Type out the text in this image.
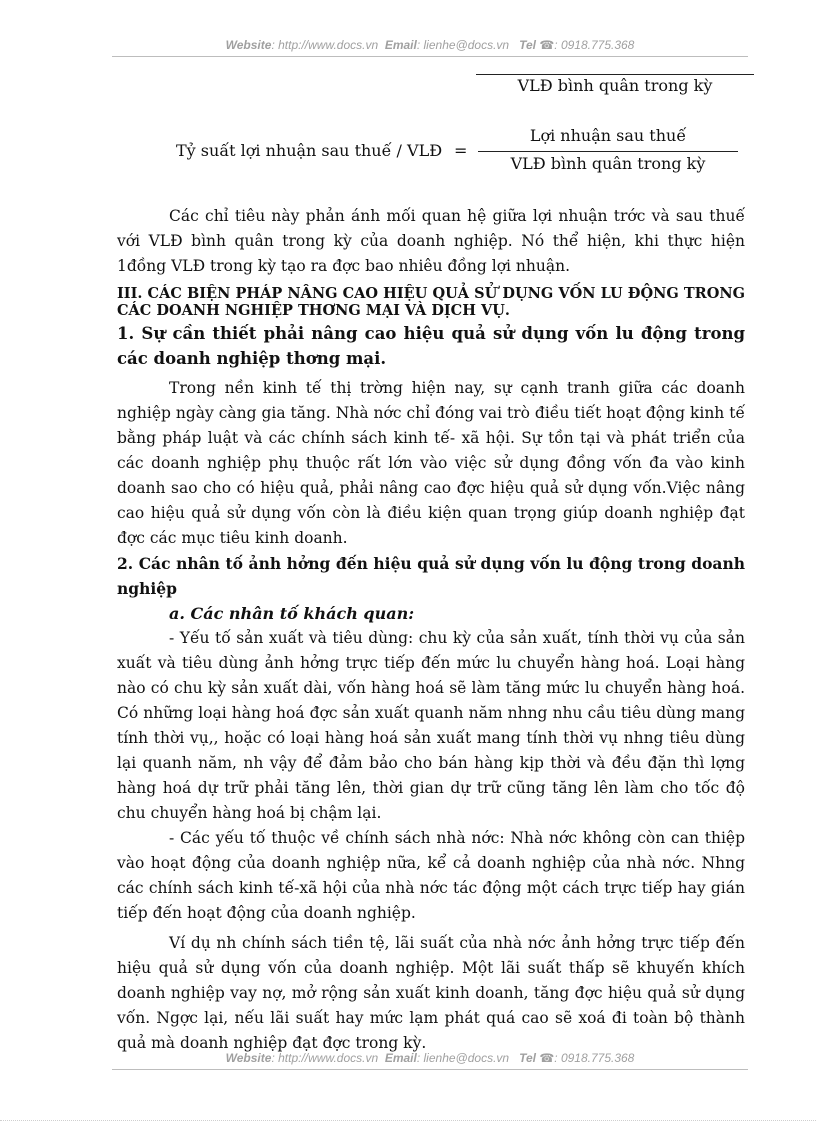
Website: http://www.docs.vn Email: lienhe@docs.vn Tel ☎: 0918.775.368
VLĐ bình quân trong kỳ
Tỷ suất lợi nhuận sau thuế / VLĐ =
Lợi nhuận sau thuế
VLĐ bình quân trong kỳ

Các chỉ tiêu này phản ánh mối quan hệ giữa lợi nhuận trớc và sau thuế với VLĐ bình quân trong kỳ của doanh nghiệp. Nó thể hiện, khi thực hiện 1đồng VLĐ trong kỳ tạo ra đợc bao nhiêu đồng lợi nhuận.

III. CÁC BIỆN PHÁP NÂNG CAO HIỆU QUẢ SỬ DỤNG VỐN LU ĐỘNG TRONG CÁC DOANH NGHIỆP THƠNG MẠI VÀ DỊCH VỤ.

1. Sự cần thiết phải nâng cao hiệu quả sử dụng vốn lu động trong các doanh nghiệp thơng mại.

Trong nền kinh tế thị trờng hiện nay, sự cạnh tranh giữa các doanh nghiệp ngày càng gia tăng. Nhà nớc chỉ đóng vai trò điều tiết hoạt động kinh tế bằng pháp luật và các chính sách kinh tế- xã hội. Sự tồn tại và phát triển của các doanh nghiệp phụ thuộc rất lớn vào việc sử dụng đồng vốn đa vào kinh doanh sao cho có hiệu quả, phải nâng cao đợc hiệu quả sử dụng vốn.Việc nâng cao hiệu quả sử dụng vốn còn là điều kiện quan trọng giúp doanh nghiệp đạt đợc các mục tiêu kinh doanh.

2. Các nhân tố ảnh hởng đến hiệu quả sử dụng vốn lu động trong doanh nghiệp

a. Các nhân tố khách quan:

- Yếu tố sản xuất và tiêu dùng: chu kỳ của sản xuất, tính thời vụ của sản xuất và tiêu dùng ảnh hởng trực tiếp đến mức lu chuyển hàng hoá. Loại hàng nào có chu kỳ sản xuất dài, vốn hàng hoá sẽ làm tăng mức lu chuyển hàng hoá. Có những loại hàng hoá đợc sản xuất quanh năm nhng nhu cầu tiêu dùng mang tính thời vụ,, hoặc có loại hàng hoá sản xuất mang tính thời vụ nhng tiêu dùng lại quanh năm, nh vậy để đảm bảo cho bán hàng kịp thời và đều đặn thì lợng hàng hoá dự trữ phải tăng lên, thời gian dự trữ cũng tăng lên làm cho tốc độ chu chuyển hàng hoá bị chậm lại.

- Các yếu tố thuộc về chính sách nhà nớc: Nhà nớc không còn can thiệp vào hoạt động của doanh nghiệp nữa, kể cả doanh nghiệp của nhà nớc. Nhng các chính sách kinh tế-xã hội của nhà nớc tác động một cách trực tiếp hay gián tiếp đến hoạt động của doanh nghiệp.

Ví dụ nh chính sách tiền tệ, lãi suất của nhà nớc ảnh hởng trực tiếp đến hiệu quả sử dụng vốn của doanh nghiệp. Một lãi suất thấp sẽ khuyến khích doanh nghiệp vay nợ, mở rộng sản xuất kinh doanh, tăng đợc hiệu quả sử dụng vốn. Ngợc lại, nếu lãi suất hay mức lạm phát quá cao sẽ xoá đi toàn bộ thành quả mà doanh nghiệp đạt đợc trong kỳ.

Website: http://www.docs.vn Email: lienhe@docs.vn Tel ☎: 0918.775.368
